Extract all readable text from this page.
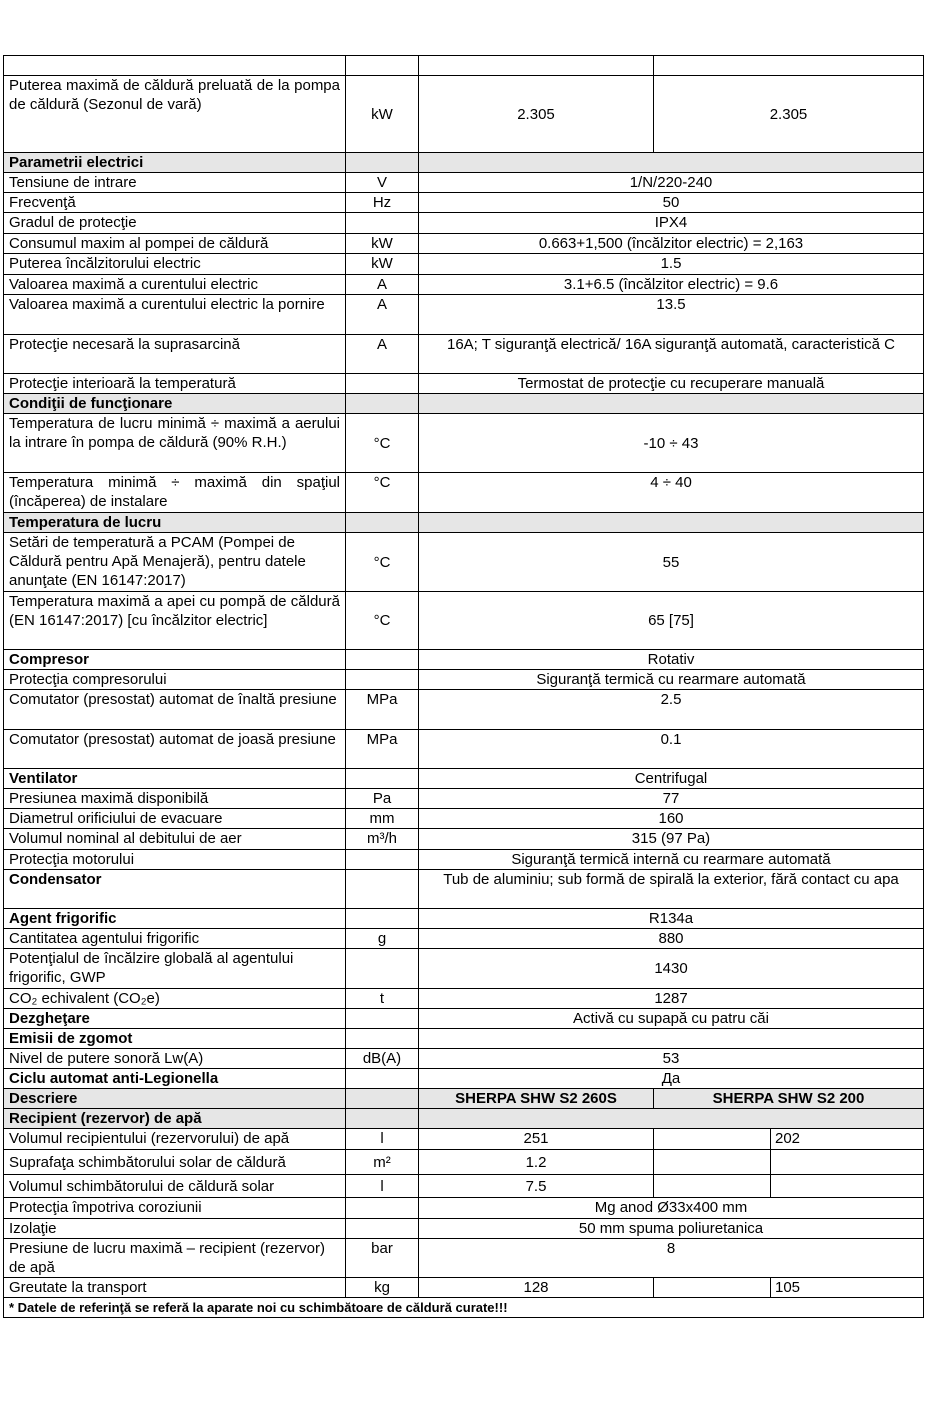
Puterea maximă de căldură preluată de la pompa de căldură (Sezonul de vară)	kW	2.305	2.305	
Parametrii electrici				
Tensiune de intrare	V	1/N/220-240		
Frecvenţă	Hz	50		
Gradul de protecţie		IPX4		
Consumul maxim al pompei de căldură	kW	0.663+1,500 (încălzitor electric) = 2,163		
Puterea încălzitorului electric	kW	1.5		
Valoarea maximă a curentului electric	A	3.1+6.5 (încălzitor electric) = 9.6		
Valoarea maximă a curentului electric la pornire	A	13.5		
Protecţie necesară la suprasarcină	A	16A; T siguranţă electrică/ 16A siguranţă automată, caracteristică C		
Protecţie interioară la temperatură		Termostat de protecţie cu recuperare manuală		
Condiţii de funcţionare				
Temperatura de lucru minimă ÷ maximă a aerului la intrare în pompa de căldură (90% R.H.)	°C	-10 ÷ 43		
Temperatura minimă ÷ maximă din spaţiul (încăperea) de instalare	°C	4 ÷ 40		
Temperatura de lucru				
Setări de temperatură a PCAM (Pompei de Căldură pentru Apă Menajeră), pentru datele anunţate (EN 16147:2017)	°C	55		
Temperatura maximă a apei cu pompă de căldură (EN 16147:2017) [cu încălzitor electric]	°C	65 [75]		
Compresor		Rotativ		
Protecţia compresorului		Siguranţă termică cu rearmare automată		
Comutator (presostat) automat de înaltă presiune	MPa	2.5		
Comutator (presostat) automat de joasă presiune	MPa	0.1		
Ventilator		Centrifugal		
Presiunea maximă disponibilă	Pa	77		
Diametrul orificiului de evacuare	mm	160		
Volumul nominal al debitului de aer	m³/h	315 (97 Pa)		
Protecţia motorului		Siguranţă termică internă cu rearmare automată		
Condensator		Tub de aluminiu; sub formă de spirală la exterior, fără contact cu apa		
Agent frigorific		R134a		
Cantitatea agentului frigorific	g	880		
Potenţialul de încălzire globală al agentului frigorific, GWP		1430		
CO₂ echivalent (CO₂e)	t	1287		
Dezgheţare		Activă cu supapă cu patru căi		
Emisii de zgomot				
Nivel de putere sonoră Lw(A)	dB(A)	53		
Ciclu automat anti-Legionella		Да		
Descriere		SHERPA SHW S2 260S	SHERPA SHW S2 200	
Recipient (rezervor) de apă				
Volumul recipientului (rezervorului) de apă	l	251		202
Suprafaţa schimbătorului solar de căldură	m²	1.2		
Volumul schimbătorului de căldură solar	l	7.5		
Protecţia împotriva coroziunii		Mg anod Ø33x400 mm		
Izolaţie		50 mm spuma poliuretanica		
Presiune de lucru maximă – recipient (rezervor) de apă	bar	8		
Greutate la transport	kg	128		105
* Datele de referinţă se referă la aparate noi cu schimbătoare de căldură curate!!!				
